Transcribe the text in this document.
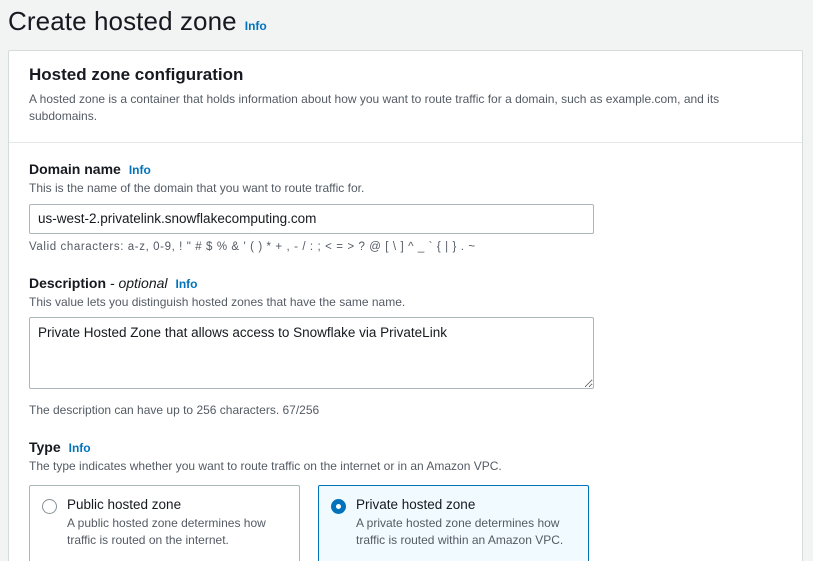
Create hosted zone Info
Hosted zone configuration
A hosted zone is a container that holds information about how you want to route traffic for a domain, such as example.com, and its subdomains.
Domain name Info
This is the name of the domain that you want to route traffic for.
us-west-2.privatelink.snowflakecomputing.com
Valid characters: a-z, 0-9, ! " # $ % & ' ( ) * + , - / : ; < = > ? @ [ \ ] ^ _ ` { | } . ~
Description - optional Info
This value lets you distinguish hosted zones that have the same name.
Private Hosted Zone that allows access to Snowflake via PrivateLink
The description can have up to 256 characters. 67/256
Type Info
The type indicates whether you want to route traffic on the internet or in an Amazon VPC.
Public hosted zone
A public hosted zone determines how traffic is routed on the internet.
Private hosted zone
A private hosted zone determines how traffic is routed within an Amazon VPC.
